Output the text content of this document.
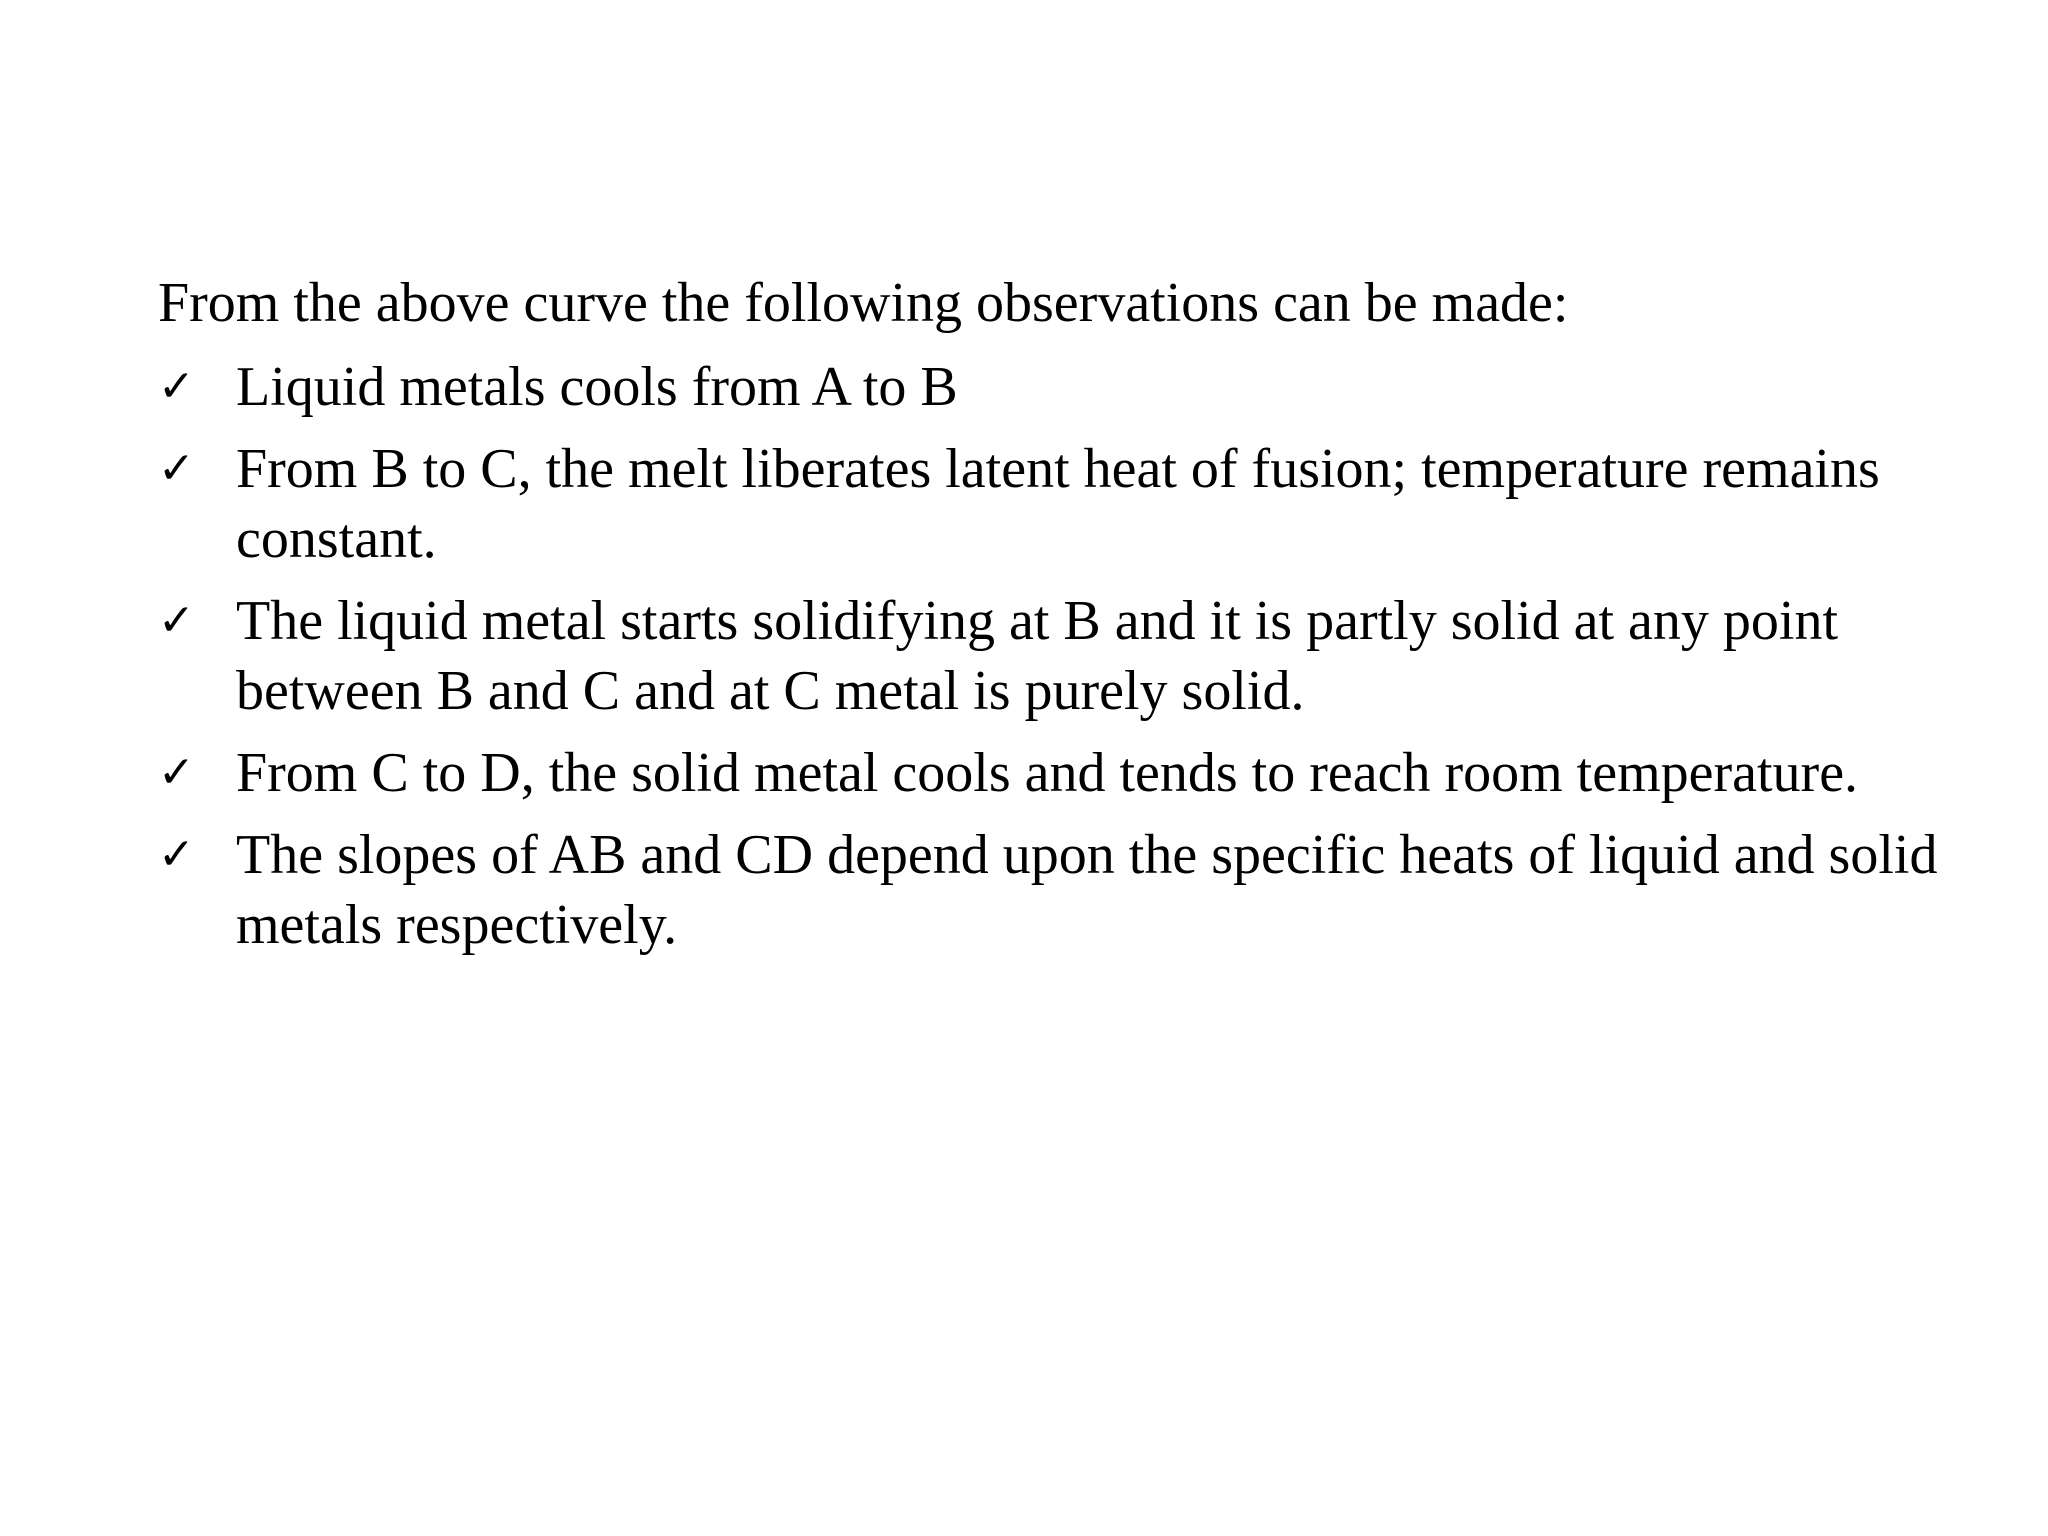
From the above curve the following observations can be made:

✓ Liquid metals cools from A to B
✓ From B to C, the melt liberates latent heat of fusion; temperature remains constant.
✓ The liquid metal starts solidifying at B and it is partly solid at any point between B and C and at C metal is purely solid.
✓ From C to D, the solid metal cools and tends to reach room temperature.
✓ The slopes of AB and CD depend upon the specific heats of liquid and solid metals respectively.
